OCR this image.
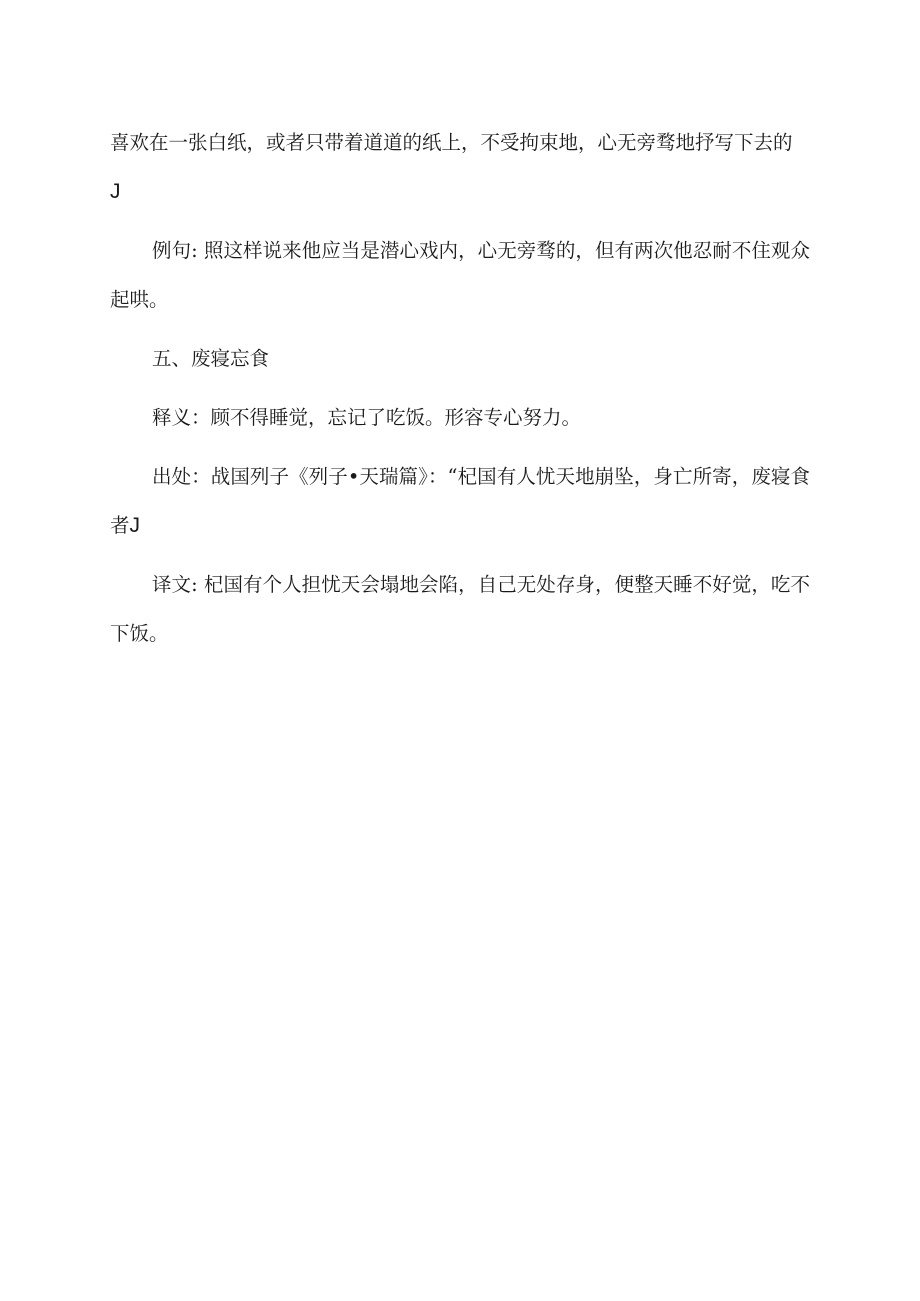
喜欢在一张白纸，或者只带着道道的纸上，不受拘束地，心无旁骛地抒写下去的
J

例句: 照这样说来他应当是潜心戏内，心无旁骛的，但有两次他忍耐不住观众起哄。

五、废寝忘食

释义：顾不得睡觉，忘记了吃饭。形容专心努力。

出处：战国列子《列子•天瑞篇》：“杞国有人忧天地崩坠，身亡所寄，废寝食者J

译文: 杞国有个人担忧天会塌地会陷，自己无处存身，便整天睡不好觉，吃不下饭。
